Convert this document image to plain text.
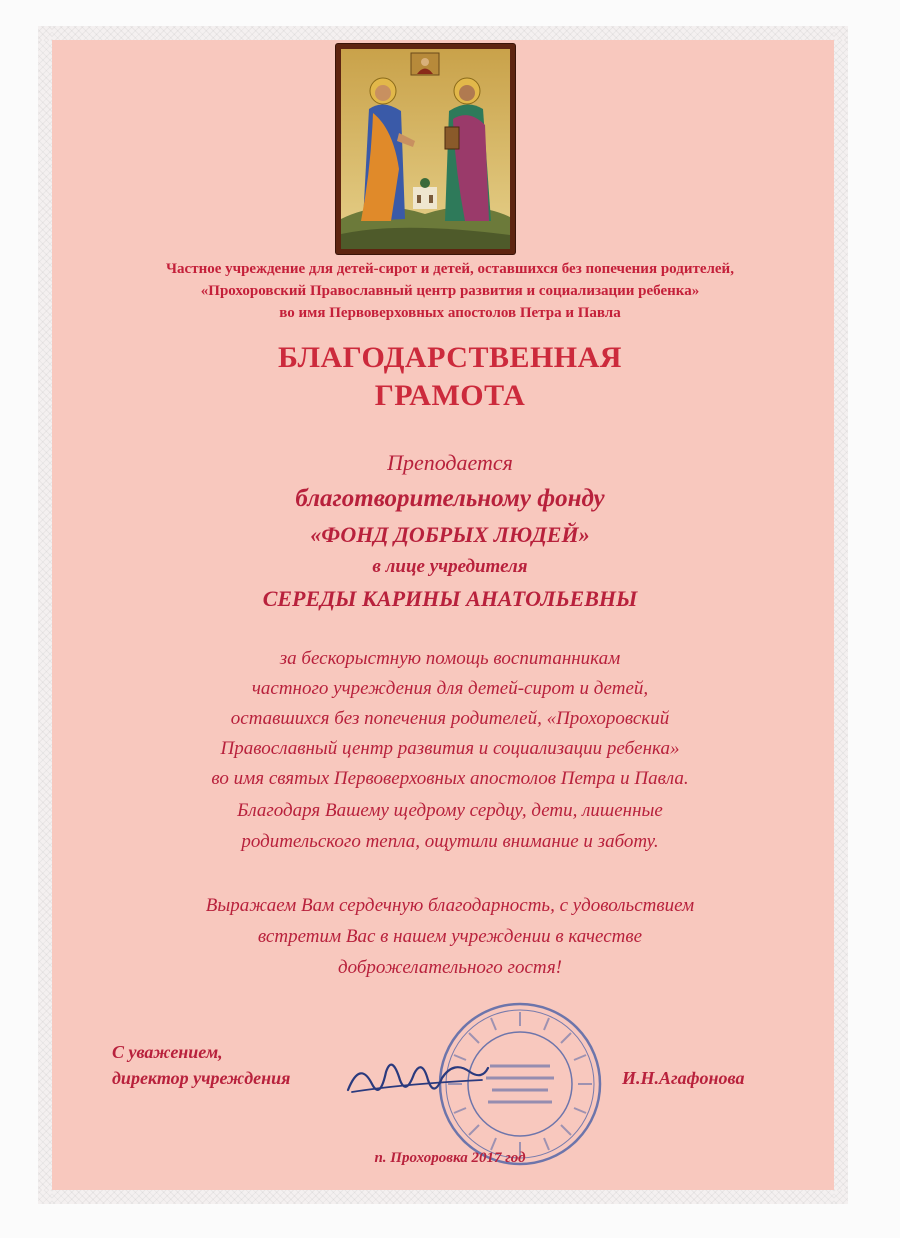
Частное учреждение для детей-сирот и детей, оставшихся без попечения родителей,
«Прохоровский Православный центр развития и социализации ребенка»
во имя Первоверховных апостолов Петра и Павла
БЛАГОДАРСТВЕННАЯ
ГРАМОТА
Преподается
благотворительному фонду
«ФОНД ДОБРЫХ ЛЮДЕЙ»
в лице учредителя
СЕРЕДЫ КАРИНЫ АНАТОЛЬЕВНЫ
за бескорыстную помощь воспитанникам
частного учреждения для детей-сирот и детей,
оставшихся без попечения родителей, «Прохоровский
Православный центр развития и социализации ребенка»
во имя святых Первоверховных апостолов Петра и Павла.
Благодаря Вашему щедрому сердцу, дети, лишенные
родительского тепла, ощутили внимание и заботу.
Выражаем Вам сердечную благодарность, с удовольствием
встретим Вас в нашем учреждении в качестве
доброжелательного гостя!
С уважением,
директор учреждения	И.Н.Агафонова
п. Прохоровка 2017 год
